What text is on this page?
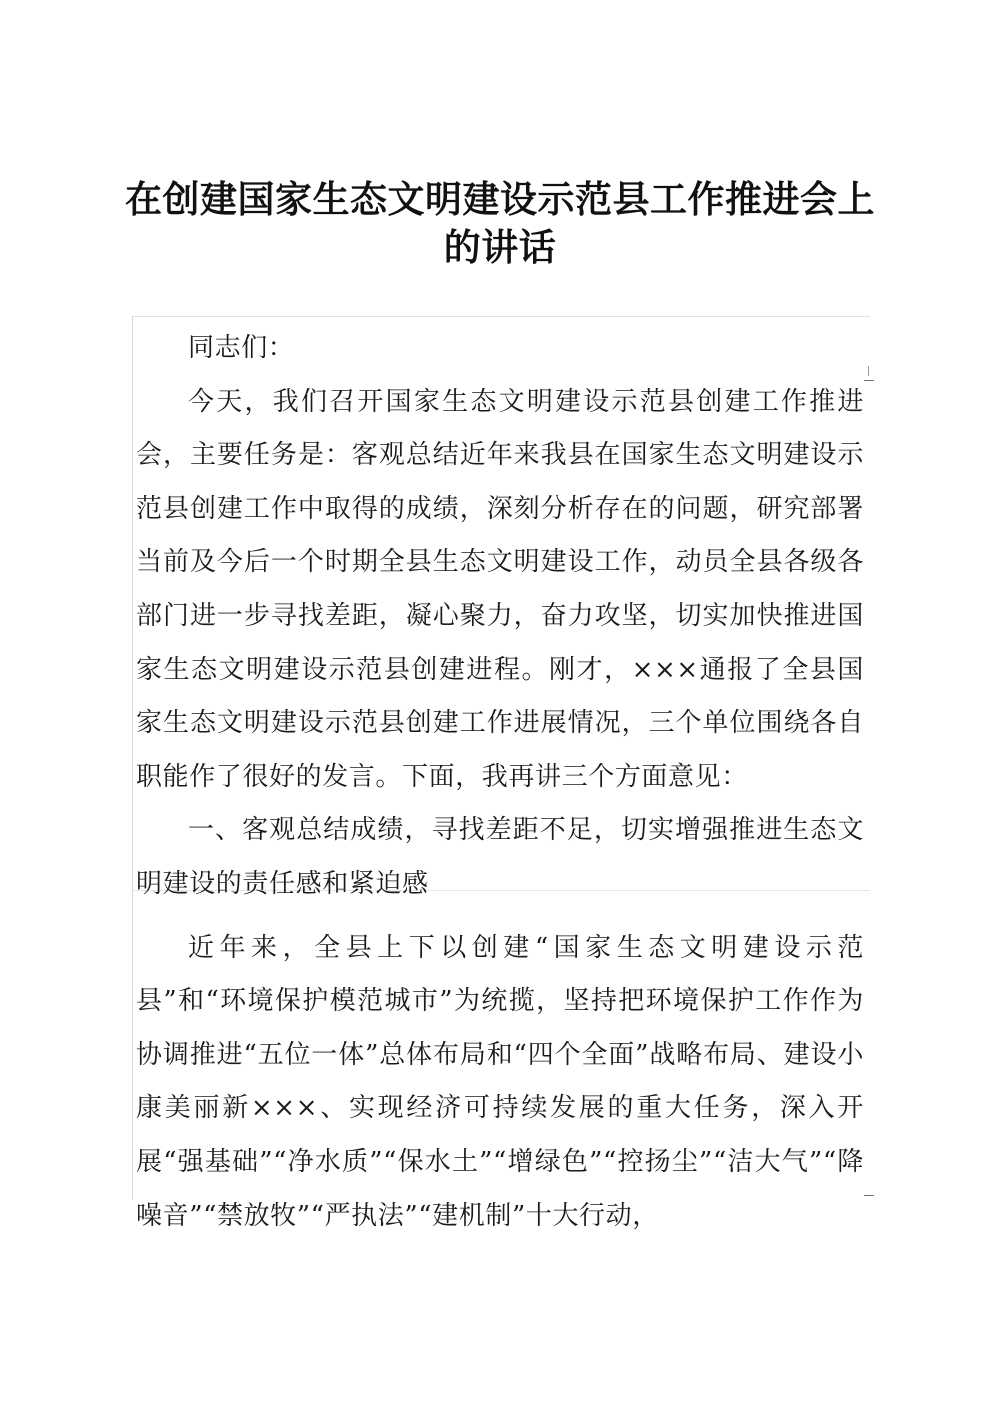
在创建国家生态文明建设示范县工作推进会上
的讲话

同志们：

今天，我们召开国家生态文明建设示范县创建工作推进会，主要任务是：客观总结近年来我县在国家生态文明建设示范县创建工作中取得的成绩，深刻分析存在的问题，研究部署当前及今后一个时期全县生态文明建设工作，动员全县各级各部门进一步寻找差距，凝心聚力，奋力攻坚，切实加快推进国家生态文明建设示范县创建进程。刚才，×××通报了全县国家生态文明建设示范县创建工作进展情况，三个单位围绕各自职能作了很好的发言。下面，我再讲三个方面意见：

一、客观总结成绩，寻找差距不足，切实增强推进生态文明建设的责任感和紧迫感

近年来，全县上下以创建“国家生态文明建设示范县”和“环境保护模范城市”为统揽，坚持把环境保护工作作为协调推进“五位一体”总体布局和“四个全面”战略布局、建设小康美丽新×××、实现经济可持续发展的重大任务，深入开展“强基础”“净水质”“保水土”“增绿色”“控扬尘”“洁大气”“降噪音”“禁放牧”“严执法”“建机制”十大行动，
